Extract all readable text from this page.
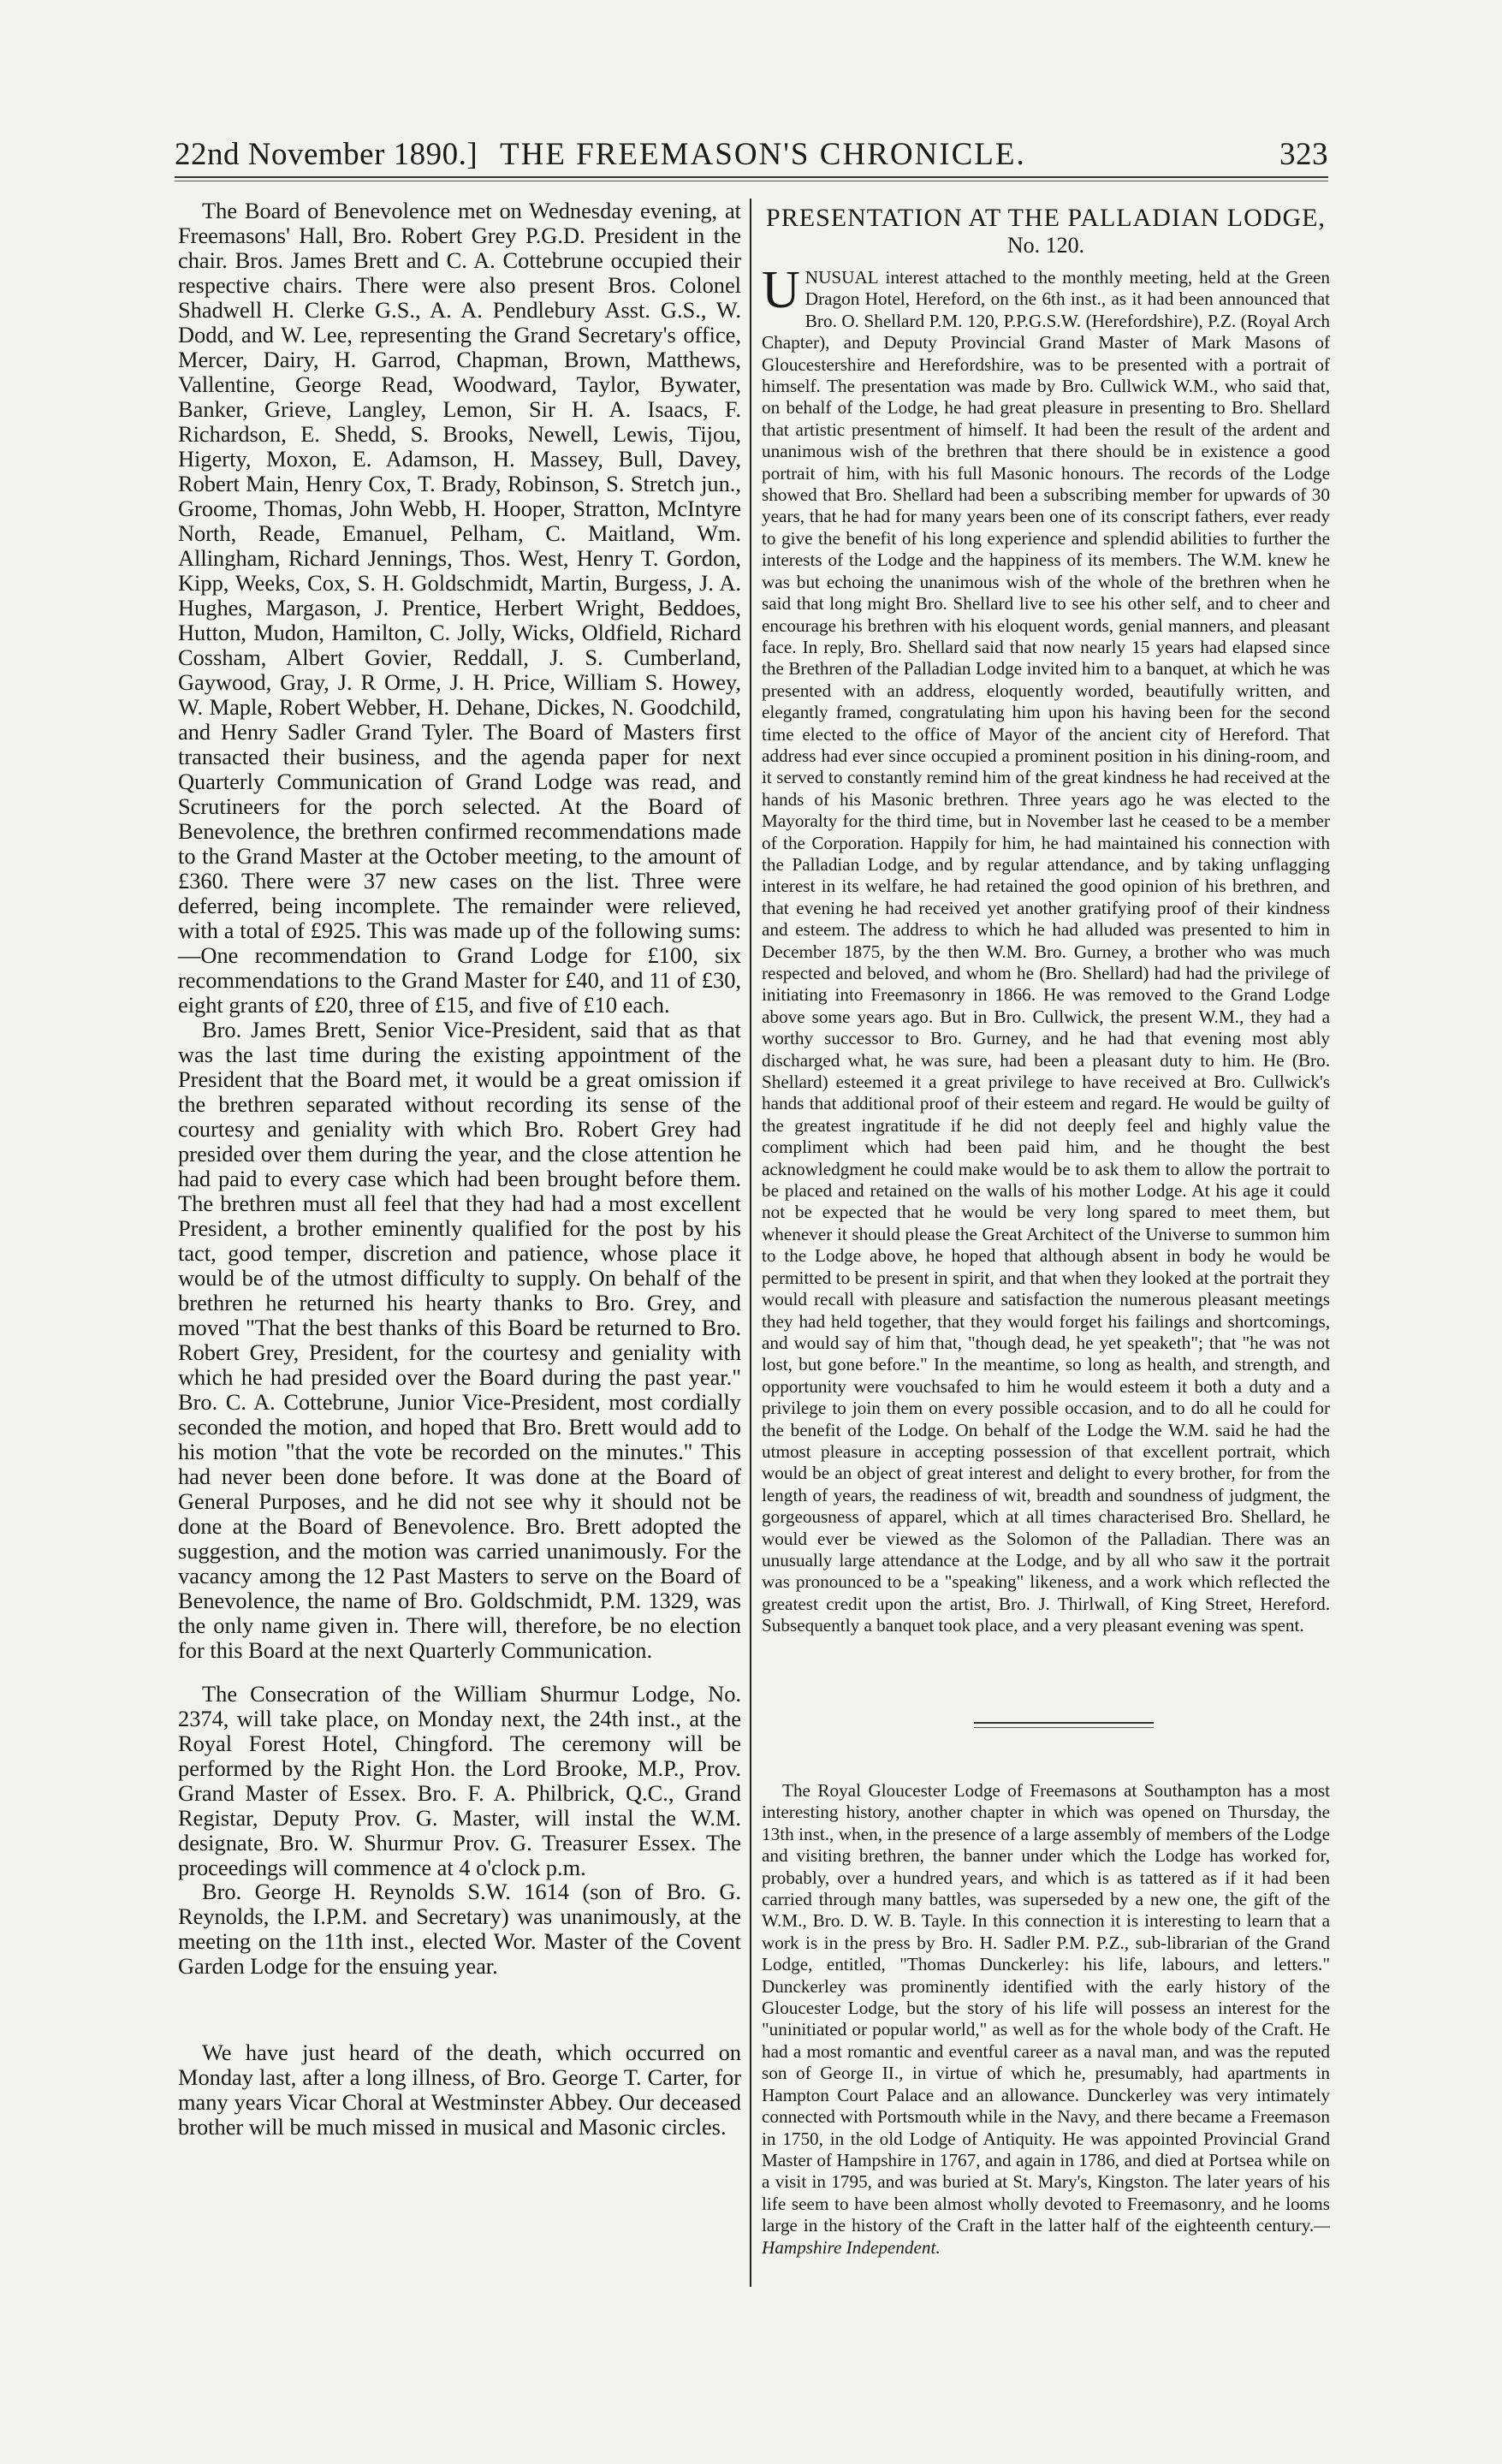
22nd November 1890.] THE FREEMASON'S CHRONICLE.	323

The Board of Benevolence met on Wednesday evening, at Freemasons' Hall, Bro. Robert Grey P.G.D. President in the chair. Bros. James Brett and C. A. Cottebrune occupied their respective chairs. There were also present Bros. Colonel Shadwell H. Clerke G.S., A. A. Pendlebury Asst. G.S., W. Dodd, and W. Lee, representing the Grand Secretary's office, Mercer, Dairy, H. Garrod, Chapman, Brown, Matthews, Vallentine, George Read, Woodward, Taylor, Bywater, Banker, Grieve, Langley, Lemon, Sir H. A. Isaacs, F. Richardson, E. Shedd, S. Brooks, Newell, Lewis, Tijou, Higerty, Moxon, E. Adamson, H. Massey, Bull, Davey, Robert Main, Henry Cox, T. Brady, Robinson, S. Stretch jun., Groome, Thomas, John Webb, H. Hooper, Stratton, McIntyre North, Reade, Emanuel, Pelham, C. Maitland, Wm. Allingham, Richard Jennings, Thos. West, Henry T. Gordon, Kipp, Weeks, Cox, S. H. Goldschmidt, Martin, Burgess, J. A. Hughes, Margason, J. Prentice, Herbert Wright, Beddoes, Hutton, Mudon, Hamilton, C. Jolly, Wicks, Oldfield, Richard Cossham, Albert Govier, Reddall, J. S. Cumberland, Gaywood, Gray, J. R Orme, J. H. Price, William S. Howey, W. Maple, Robert Webber, H. Dehane, Dickes, N. Goodchild, and Henry Sadler Grand Tyler. The Board of Masters first transacted their business, and the agenda paper for next Quarterly Communication of Grand Lodge was read, and Scrutineers for the porch selected. At the Board of Benevolence, the brethren confirmed recommendations made to the Grand Master at the October meeting, to the amount of £360. There were 37 new cases on the list. Three were deferred, being incomplete. The remainder were relieved, with a total of £925. This was made up of the following sums:—One recommendation to Grand Lodge for £100, six recommendations to the Grand Master for £40, and 11 of £30, eight grants of £20, three of £15, and five of £10 each.

Bro. James Brett, Senior Vice-President, said that as that was the last time during the existing appointment of the President that the Board met, it would be a great omission if the brethren separated without recording its sense of the courtesy and geniality with which Bro. Robert Grey had presided over them during the year, and the close attention he had paid to every case which had been brought before them. The brethren must all feel that they had had a most excellent President, a brother eminently qualified for the post by his tact, good temper, discretion and patience, whose place it would be of the utmost difficulty to supply. On behalf of the brethren he returned his hearty thanks to Bro. Grey, and moved "That the best thanks of this Board be returned to Bro. Robert Grey, President, for the courtesy and geniality with which he had presided over the Board during the past year." Bro. C. A. Cottebrune, Junior Vice-President, most cordially seconded the motion, and hoped that Bro. Brett would add to his motion "that the vote be recorded on the minutes." This had never been done before. It was done at the Board of General Purposes, and he did not see why it should not be done at the Board of Benevolence. Bro. Brett adopted the suggestion, and the motion was carried unanimously. For the vacancy among the 12 Past Masters to serve on the Board of Benevolence, the name of Bro. Goldschmidt, P.M. 1329, was the only name given in. There will, therefore, be no election for this Board at the next Quarterly Communication.

The Consecration of the William Shurmur Lodge, No. 2374, will take place, on Monday next, the 24th inst., at the Royal Forest Hotel, Chingford. The ceremony will be performed by the Right Hon. the Lord Brooke, M.P., Prov. Grand Master of Essex. Bro. F. A. Philbrick, Q.C., Grand Registar, Deputy Prov. G. Master, will instal the W.M. designate, Bro. W. Shurmur Prov. G. Treasurer Essex. The proceedings will commence at 4 o'clock p.m.

Bro. George H. Reynolds S.W. 1614 (son of Bro. G. Reynolds, the I.P.M. and Secretary) was unanimously, at the meeting on the 11th inst., elected Wor. Master of the Covent Garden Lodge for the ensuing year.

We have just heard of the death, which occurred on Monday last, after a long illness, of Bro. George T. Carter, for many years Vicar Choral at Westminster Abbey. Our deceased brother will be much missed in musical and Masonic circles.

PRESENTATION AT THE PALLADIAN LODGE,
No. 120.
UNUSUAL interest attached to the monthly meeting, held at the Green Dragon Hotel, Hereford, on the 6th inst., as it had been announced that Bro. O. Shellard P.M. 120, P.P.G.S.W. (Herefordshire), P.Z. (Royal Arch Chapter), and Deputy Provincial Grand Master of Mark Masons of Gloucestershire and Herefordshire, was to be presented with a portrait of himself. The presentation was made by Bro. Cullwick W.M., who said that, on behalf of the Lodge, he had great pleasure in presenting to Bro. Shellard that artistic presentment of himself. It had been the result of the ardent and unanimous wish of the brethren that there should be in existence a good portrait of him, with his full Masonic honours. The records of the Lodge showed that Bro. Shellard had been a subscribing member for upwards of 30 years, that he had for many years been one of its conscript fathers, ever ready to give the benefit of his long experience and splendid abilities to further the interests of the Lodge and the happiness of its members. The W.M. knew he was but echoing the unanimous wish of the whole of the brethren when he said that long might Bro. Shellard live to see his other self, and to cheer and encourage his brethren with his eloquent words, genial manners, and pleasant face. In reply, Bro. Shellard said that now nearly 15 years had elapsed since the Brethren of the Palladian Lodge invited him to a banquet, at which he was presented with an address, eloquently worded, beautifully written, and elegantly framed, congratulating him upon his having been for the second time elected to the office of Mayor of the ancient city of Hereford. That address had ever since occupied a prominent position in his dining-room, and it served to constantly remind him of the great kindness he had received at the hands of his Masonic brethren. Three years ago he was elected to the Mayoralty for the third time, but in November last he ceased to be a member of the Corporation. Happily for him, he had maintained his connection with the Palladian Lodge, and by regular attendance, and by taking unflagging interest in its welfare, he had retained the good opinion of his brethren, and that evening he had received yet another gratifying proof of their kindness and esteem. The address to which he had alluded was presented to him in December 1875, by the then W.M. Bro. Gurney, a brother who was much respected and beloved, and whom he (Bro. Shellard) had had the privilege of initiating into Freemasonry in 1866. He was removed to the Grand Lodge above some years ago. But in Bro. Cullwick, the present W.M., they had a worthy successor to Bro. Gurney, and he had that evening most ably discharged what, he was sure, had been a pleasant duty to him. He (Bro. Shellard) esteemed it a great privilege to have received at Bro. Cullwick's hands that additional proof of their esteem and regard. He would be guilty of the greatest ingratitude if he did not deeply feel and highly value the compliment which had been paid him, and he thought the best acknowledgment he could make would be to ask them to allow the portrait to be placed and retained on the walls of his mother Lodge. At his age it could not be expected that he would be very long spared to meet them, but whenever it should please the Great Architect of the Universe to summon him to the Lodge above, he hoped that although absent in body he would be permitted to be present in spirit, and that when they looked at the portrait they would recall with pleasure and satisfaction the numerous pleasant meetings they had held together, that they would forget his failings and shortcomings, and would say of him that, "though dead, he yet speaketh"; that "he was not lost, but gone before." In the meantime, so long as health, and strength, and opportunity were vouchsafed to him he would esteem it both a duty and a privilege to join them on every possible occasion, and to do all he could for the benefit of the Lodge. On behalf of the Lodge the W.M. said he had the utmost pleasure in accepting possession of that excellent portrait, which would be an object of great interest and delight to every brother, for from the length of years, the readiness of wit, breadth and soundness of judgment, the gorgeousness of apparel, which at all times characterised Bro. Shellard, he would ever be viewed as the Solomon of the Palladian. There was an unusually large attendance at the Lodge, and by all who saw it the portrait was pronounced to be a "speaking" likeness, and a work which reflected the greatest credit upon the artist, Bro. J. Thirlwall, of King Street, Hereford. Subsequently a banquet took place, and a very pleasant evening was spent.

The Royal Gloucester Lodge of Freemasons at Southampton has a most interesting history, another chapter in which was opened on Thursday, the 13th inst., when, in the presence of a large assembly of members of the Lodge and visiting brethren, the banner under which the Lodge has worked for, probably, over a hundred years, and which is as tattered as if it had been carried through many battles, was superseded by a new one, the gift of the W.M., Bro. D. W. B. Tayle. In this connection it is interesting to learn that a work is in the press by Bro. H. Sadler P.M. P.Z., sub-librarian of the Grand Lodge, entitled, "Thomas Dunckerley: his life, labours, and letters." Dunckerley was prominently identified with the early history of the Gloucester Lodge, but the story of his life will possess an interest for the "uninitiated or popular world," as well as for the whole body of the Craft. He had a most romantic and eventful career as a naval man, and was the reputed son of George II., in virtue of which he, presumably, had apartments in Hampton Court Palace and an allowance. Dunckerley was very intimately connected with Portsmouth while in the Navy, and there became a Freemason in 1750, in the old Lodge of Antiquity. He was appointed Provincial Grand Master of Hampshire in 1767, and again in 1786, and died at Portsea while on a visit in 1795, and was buried at St. Mary's, Kingston. The later years of his life seem to have been almost wholly devoted to Freemasonry, and he looms large in the history of the Craft in the latter half of the eighteenth century.—Hampshire Independent.
